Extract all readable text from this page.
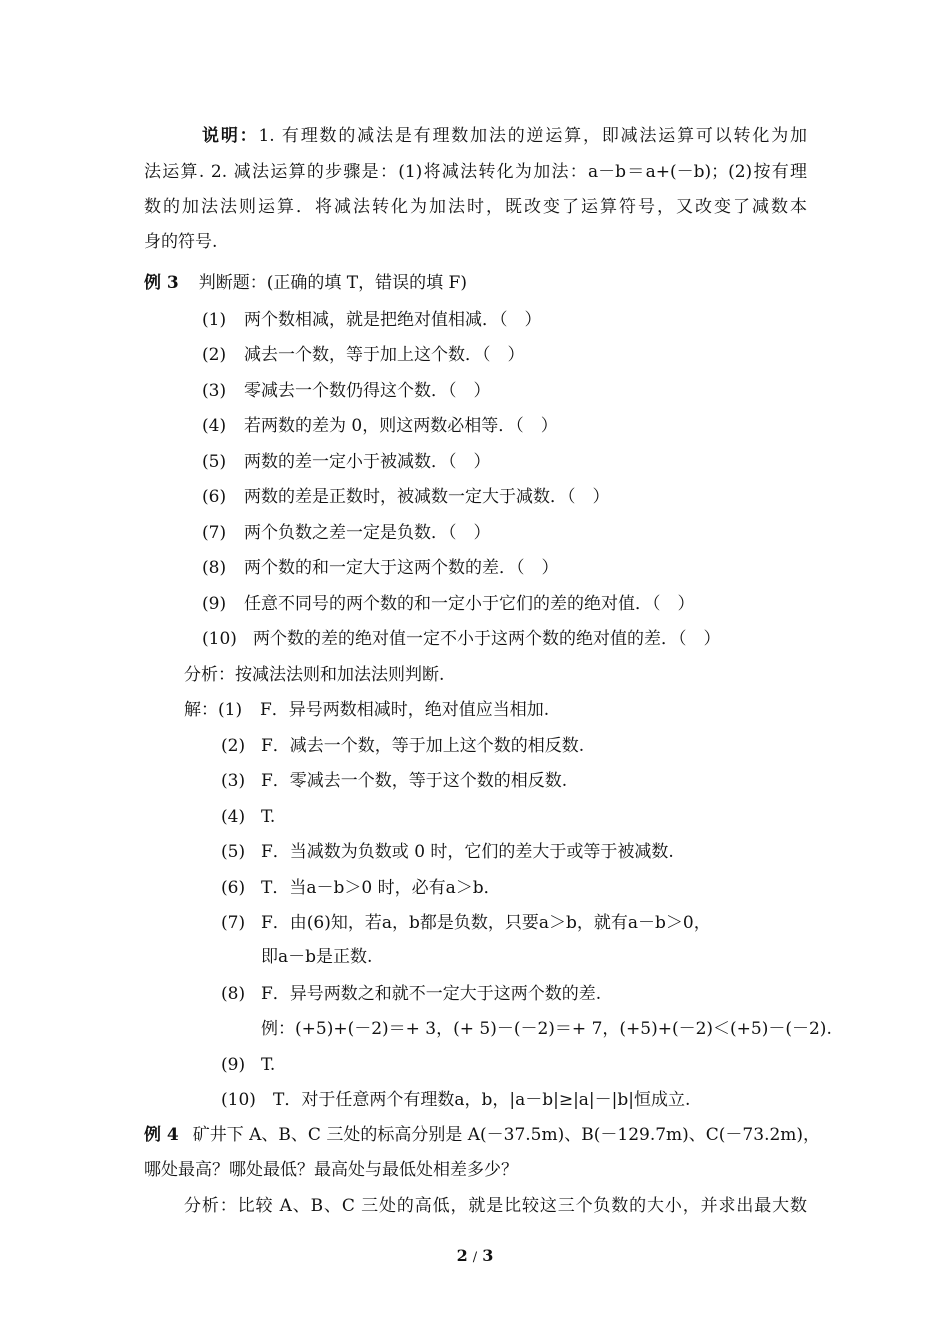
说明：1. 有理数的减法是有理数加法的逆运算，即减法运算可以转化为加
法运算. 2. 减法运算的步骤是：(1)将减法转化为加法：a－b＝a+(－b)；(2)按有理
数的加法法则运算．将减法转化为加法时，既改变了运算符号，又改变了减数本
身的符号.
例 3 判断题：(正确的填 T，错误的填 F)
(1) 两个数相减，就是把绝对值相减．（　）
(2) 减去一个数，等于加上这个数．（　）
(3) 零减去一个数仍得这个数．（　）
(4) 若两数的差为 0，则这两数必相等．（　）
(5) 两数的差一定小于被减数．（　）
(6) 两数的差是正数时，被减数一定大于减数．（　）
(7) 两个负数之差一定是负数．（　）
(8) 两个数的和一定大于这两个数的差．（　）
(9) 任意不同号的两个数的和一定小于它们的差的绝对值．（　）
(10) 两个数的差的绝对值一定不小于这两个数的绝对值的差．（　）
分析：按减法法则和加法法则判断.
解：(1) F．异号两数相减时，绝对值应当相加.
(2) F．减去一个数，等于加上这个数的相反数.
(3) F．零减去一个数，等于这个数的相反数.
(4) T.
(5) F．当减数为负数或 0 时，它们的差大于或等于被减数.
(6) T．当a－b＞0 时，必有a＞b．
(7) F．由(6)知，若a，b都是负数，只要a＞b，就有a－b＞0，
即a－b是正数.
(8) F．异号两数之和就不一定大于这两个数的差.
例：(+5)+(－2)＝+ 3，(+ 5)－(－2)＝+ 7，(+5)+(－2)＜(+5)－(－2).
(9) T.
(10) T．对于任意两个有理数a，b，|a－b|≥|a|－|b|恒成立.
例 4 矿井下 A、B、C 三处的标高分别是 A(－37.5m)、B(－129.7m)、C(－73.2m)，
哪处最高？哪处最低？最高处与最低处相差多少？
分析：比较 A、B、C 三处的高低，就是比较这三个负数的大小，并求出最大数
2 / 3
